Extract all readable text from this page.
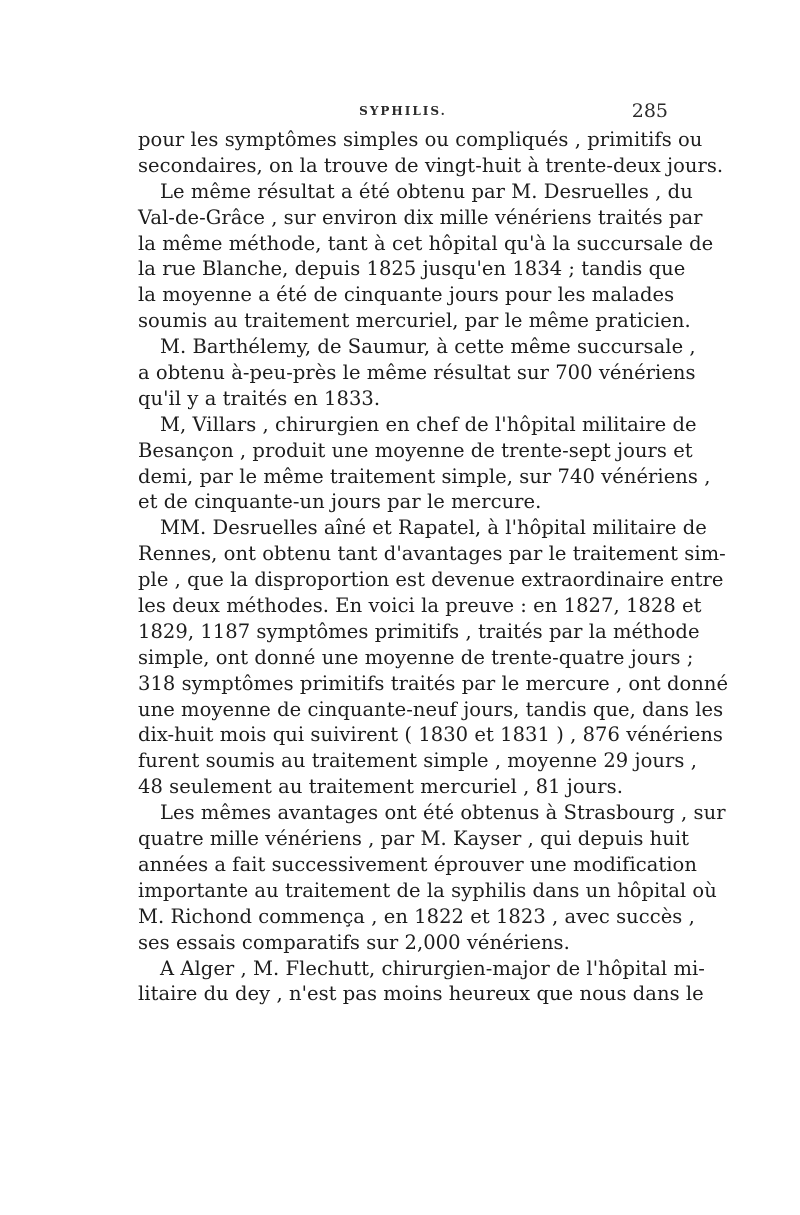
SYPHILIS.	285
pour les symptômes simples ou compliqués , primitifs ou
secondaires, on la trouve de vingt-huit à trente-deux jours.
Le même résultat a été obtenu par M. Desruelles , du
Val-de-Grâce , sur environ dix mille vénériens traités par
la même méthode, tant à cet hôpital qu'à la succursale de
la rue Blanche, depuis 1825 jusqu'en 1834 ; tandis que
la moyenne a été de cinquante jours pour les malades
soumis au traitement mercuriel, par le même praticien.
M. Barthélemy, de Saumur, à cette même succursale ,
a obtenu à-peu-près le même résultat sur 700 vénériens
qu'il y a traités en 1833.
M, Villars , chirurgien en chef de l'hôpital militaire de
Besançon , produit une moyenne de trente-sept jours et
demi, par le même traitement simple, sur 740 vénériens ,
et de cinquante-un jours par le mercure.
MM. Desruelles aîné et Rapatel, à l'hôpital militaire de
Rennes, ont obtenu tant d'avantages par le traitement sim-
ple , que la disproportion est devenue extraordinaire entre
les deux méthodes. En voici la preuve : en 1827, 1828 et
1829, 1187 symptômes primitifs , traités par la méthode
simple, ont donné une moyenne de trente-quatre jours ;
318 symptômes primitifs traités par le mercure , ont donné
une moyenne de cinquante-neuf jours, tandis que, dans les
dix-huit mois qui suivirent ( 1830 et 1831 ) , 876 vénériens
furent soumis au traitement simple , moyenne 29 jours ,
48 seulement au traitement mercuriel , 81 jours.
Les mêmes avantages ont été obtenus à Strasbourg , sur
quatre mille vénériens , par M. Kayser , qui depuis huit
années a fait successivement éprouver une modification
importante au traitement de la syphilis dans un hôpital où
M. Richond commença , en 1822 et 1823 , avec succès ,
ses essais comparatifs sur 2,000 vénériens.
A Alger , M. Flechutt, chirurgien-major de l'hôpital mi-
litaire du dey , n'est pas moins heureux que nous dans le
